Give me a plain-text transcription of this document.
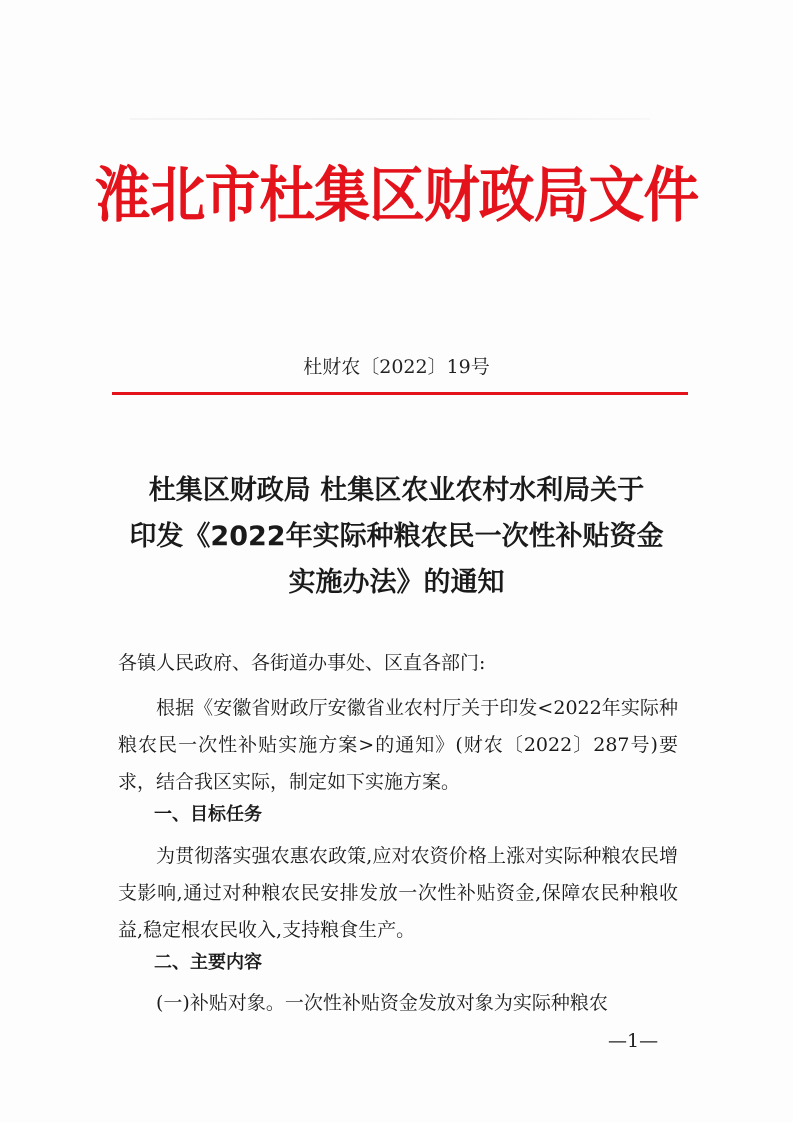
淮北市杜集区财政局文件
杜财农〔2022〕19号
杜集区财政局 杜集区农业农村水利局关于
印发《2022年实际种粮农民一次性补贴资金
实施办法》的通知
各镇人民政府、各街道办事处、区直各部门:
根据《安徽省财政厅安徽省业农村厅关于印发<2022年实际种粮农民一次性补贴实施方案>的通知》(财农〔2022〕287号)要求，结合我区实际，制定如下实施方案。
一、目标任务
为贯彻落实强农惠农政策,应对农资价格上涨对实际种粮农民增支影响,通过对种粮农民安排发放一次性补贴资金,保障农民种粮收益,稳定根农民收入,支持粮食生产。
二、主要内容
(一)补贴对象。一次性补贴资金发放对象为实际种粮农
—1—
